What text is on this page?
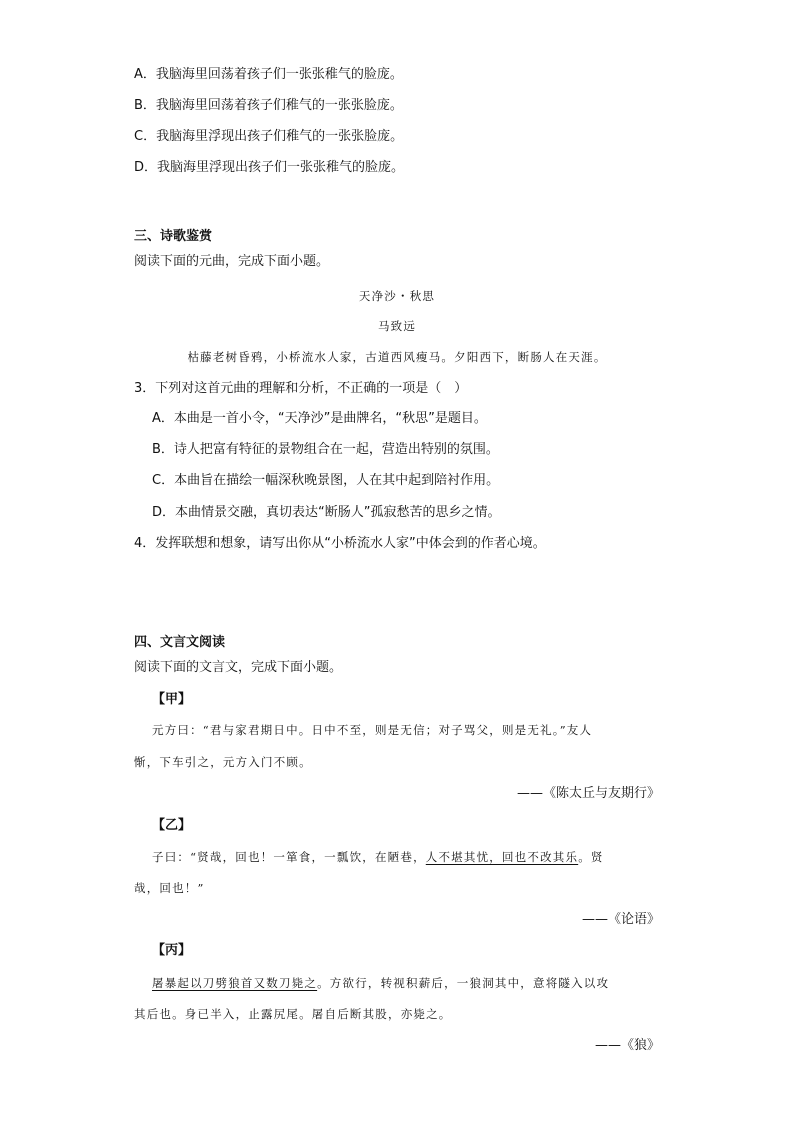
A．我脑海里回荡着孩子们一张张稚气的脸庞。
B．我脑海里回荡着孩子们稚气的一张张脸庞。
C．我脑海里浮现出孩子们稚气的一张张脸庞。
D．我脑海里浮现出孩子们一张张稚气的脸庞。
三、诗歌鉴赏
阅读下面的元曲，完成下面小题。
天净沙・秋思
马致远
枯藤老树昏鸦，小桥流水人家，古道西风瘦马。夕阳西下，断肠人在天涯。
3．下列对这首元曲的理解和分析，不正确的一项是（　）
A．本曲是一首小令，“天净沙”是曲牌名，“秋思”是题目。
B．诗人把富有特征的景物组合在一起，营造出特别的氛围。
C．本曲旨在描绘一幅深秋晚景图，人在其中起到陪衬作用。
D．本曲情景交融，真切表达“断肠人”孤寂愁苦的思乡之情。
4．发挥联想和想象，请写出你从“小桥流水人家”中体会到的作者心境。
四、文言文阅读
阅读下面的文言文，完成下面小题。
【甲】
元方曰：“君与家君期日中。日中不至，则是无信；对子骂父，则是无礼。”友人
惭，下车引之，元方入门不顾。
——《陈太丘与友期行》
【乙】
子曰：“贤哉，回也！一箪食，一瓢饮，在陋巷，人不堪其忧，回也不改其乐。贤
哉，回也！”
——《论语》
【丙】
屠暴起以刀劈狼首又数刀毙之。方欲行，转视积薪后，一狼洞其中，意将隧入以攻
其后也。身已半入，止露尻尾。屠自后断其股，亦毙之。
——《狼》
